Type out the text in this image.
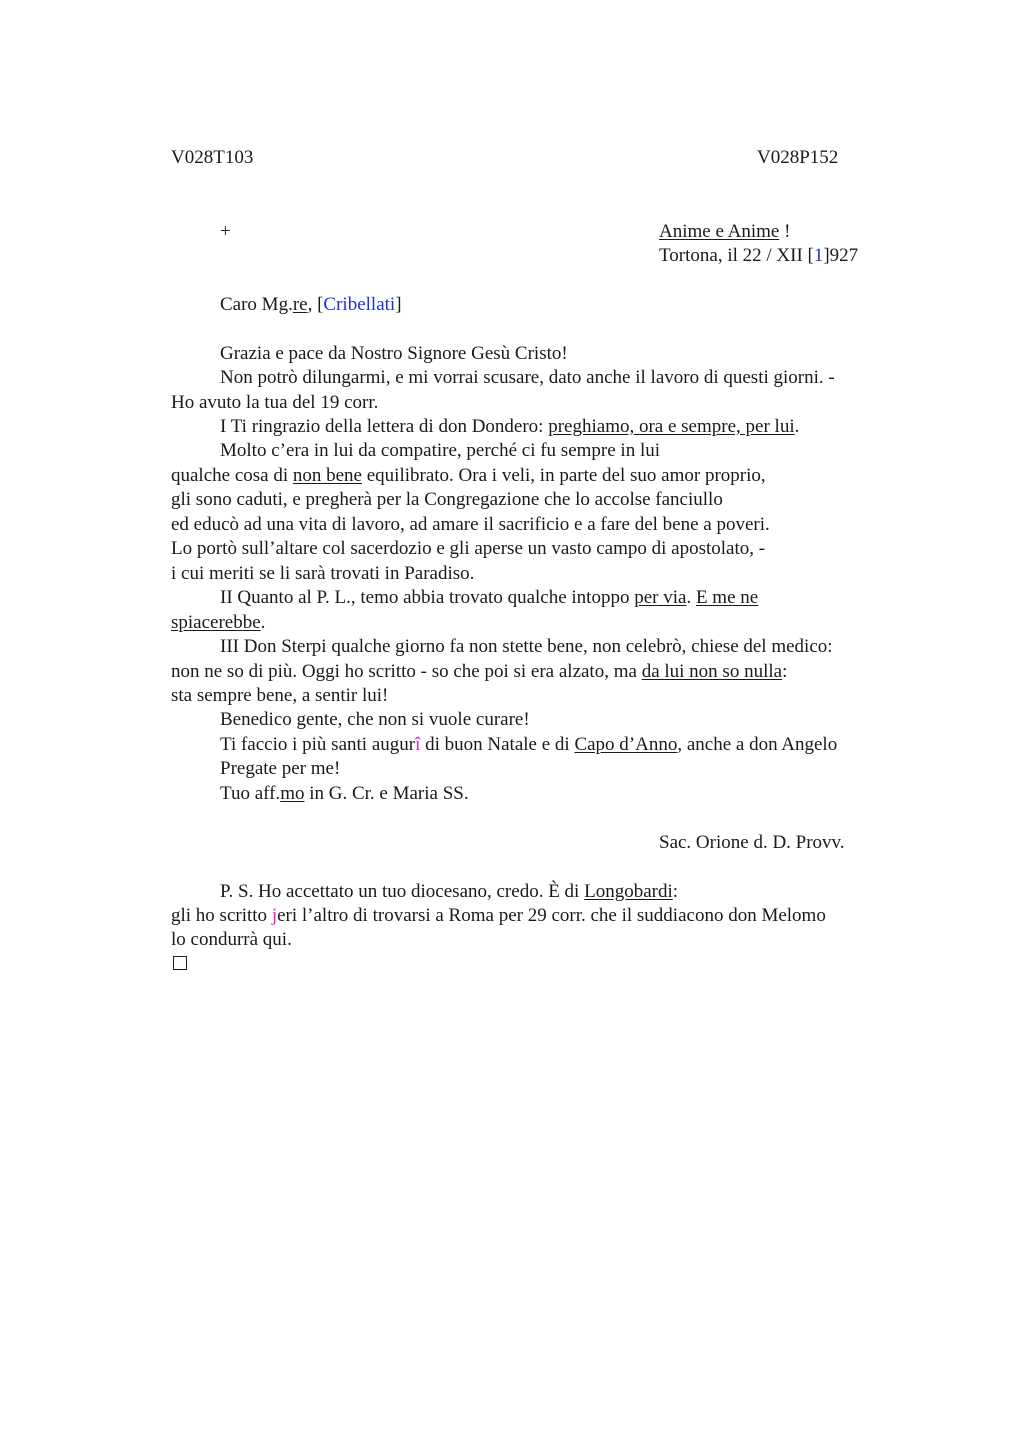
V028T103	V028P152
+	Anime e Anime !
Tortona, il 22 / XII [1]927
Caro Mg.re, [Cribellati]
Grazia e pace da Nostro Signore Gesù Cristo!
Non potrò dilungarmi, e mi vorrai scusare, dato anche il lavoro di questi giorni. -
Ho avuto la tua del 19 corr.
I Ti ringrazio della lettera di don Dondero: preghiamo, ora e sempre, per lui.
Molto c’era in lui da compatire, perché ci fu sempre in lui
qualche cosa di non bene equilibrato. Ora i veli, in parte del suo amor proprio,
gli sono caduti, e pregherà per la Congregazione che lo accolse fanciullo
ed educò ad una vita di lavoro, ad amare il sacrificio e a fare del bene a poveri.
Lo portò sull’altare col sacerdozio e gli aperse un vasto campo di apostolato, -
i cui meriti se li sarà trovati in Paradiso.
II Quanto al P. L., temo abbia trovato qualche intoppo per via. E me ne
spiacerebbe.
III Don Sterpi qualche giorno fa non stette bene, non celebrò, chiese del medico:
non ne so di più. Oggi ho scritto - so che poi si era alzato, ma da lui non so nulla:
sta sempre bene, a sentir lui!
Benedico gente, che non si vuole curare!
Ti faccio i più santi augurî di buon Natale e di Capo d’Anno, anche a don Angelo
Pregate per me!
Tuo aff.mo in G. Cr. e Maria SS.
Sac. Orione d. D. Provv.
P. S. Ho accettato un tuo diocesano, credo. È di Longobardi:
gli ho scritto jeri l’altro di trovarsi a Roma per 29 corr. che il suddiacono don Melomo
lo condurrà qui.
